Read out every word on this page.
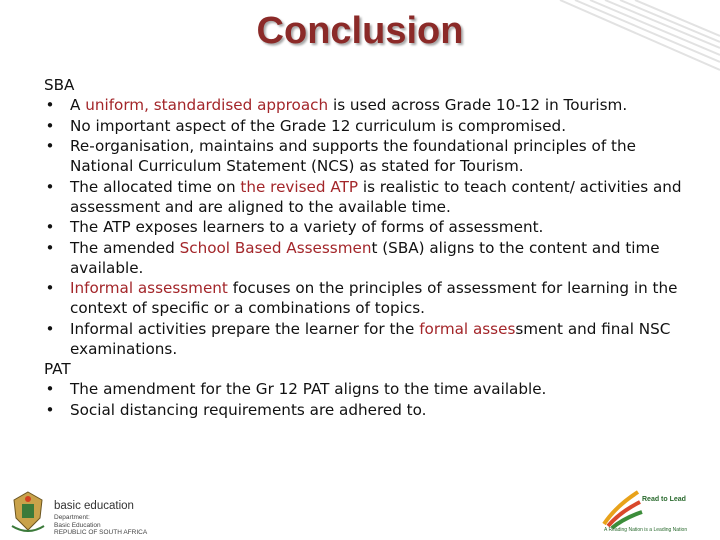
Conclusion
SBA
• A uniform, standardised approach is used across Grade 10-12 in Tourism.
• No important aspect of the Grade 12 curriculum is compromised.
• Re-organisation, maintains and supports the foundational principles of the National Curriculum Statement (NCS) as stated for Tourism.
• The allocated time on the revised ATP is realistic to teach content/ activities and assessment and are aligned to the available time.
• The ATP exposes learners to a variety of forms of assessment.
• The amended School Based Assessment (SBA) aligns to the content and time available.
• Informal assessment focuses on the principles of assessment for learning in the context of specific or a combinations of topics.
• Informal activities prepare the learner for the formal assessment and final NSC examinations.
PAT
• The amendment for the Gr 12 PAT aligns to the time available.
• Social distancing requirements are adhered to.
basic education
Department:
Basic Education
REPUBLIC OF SOUTH AFRICA
Read to Lead
A Reading Nation is a Leading Nation
